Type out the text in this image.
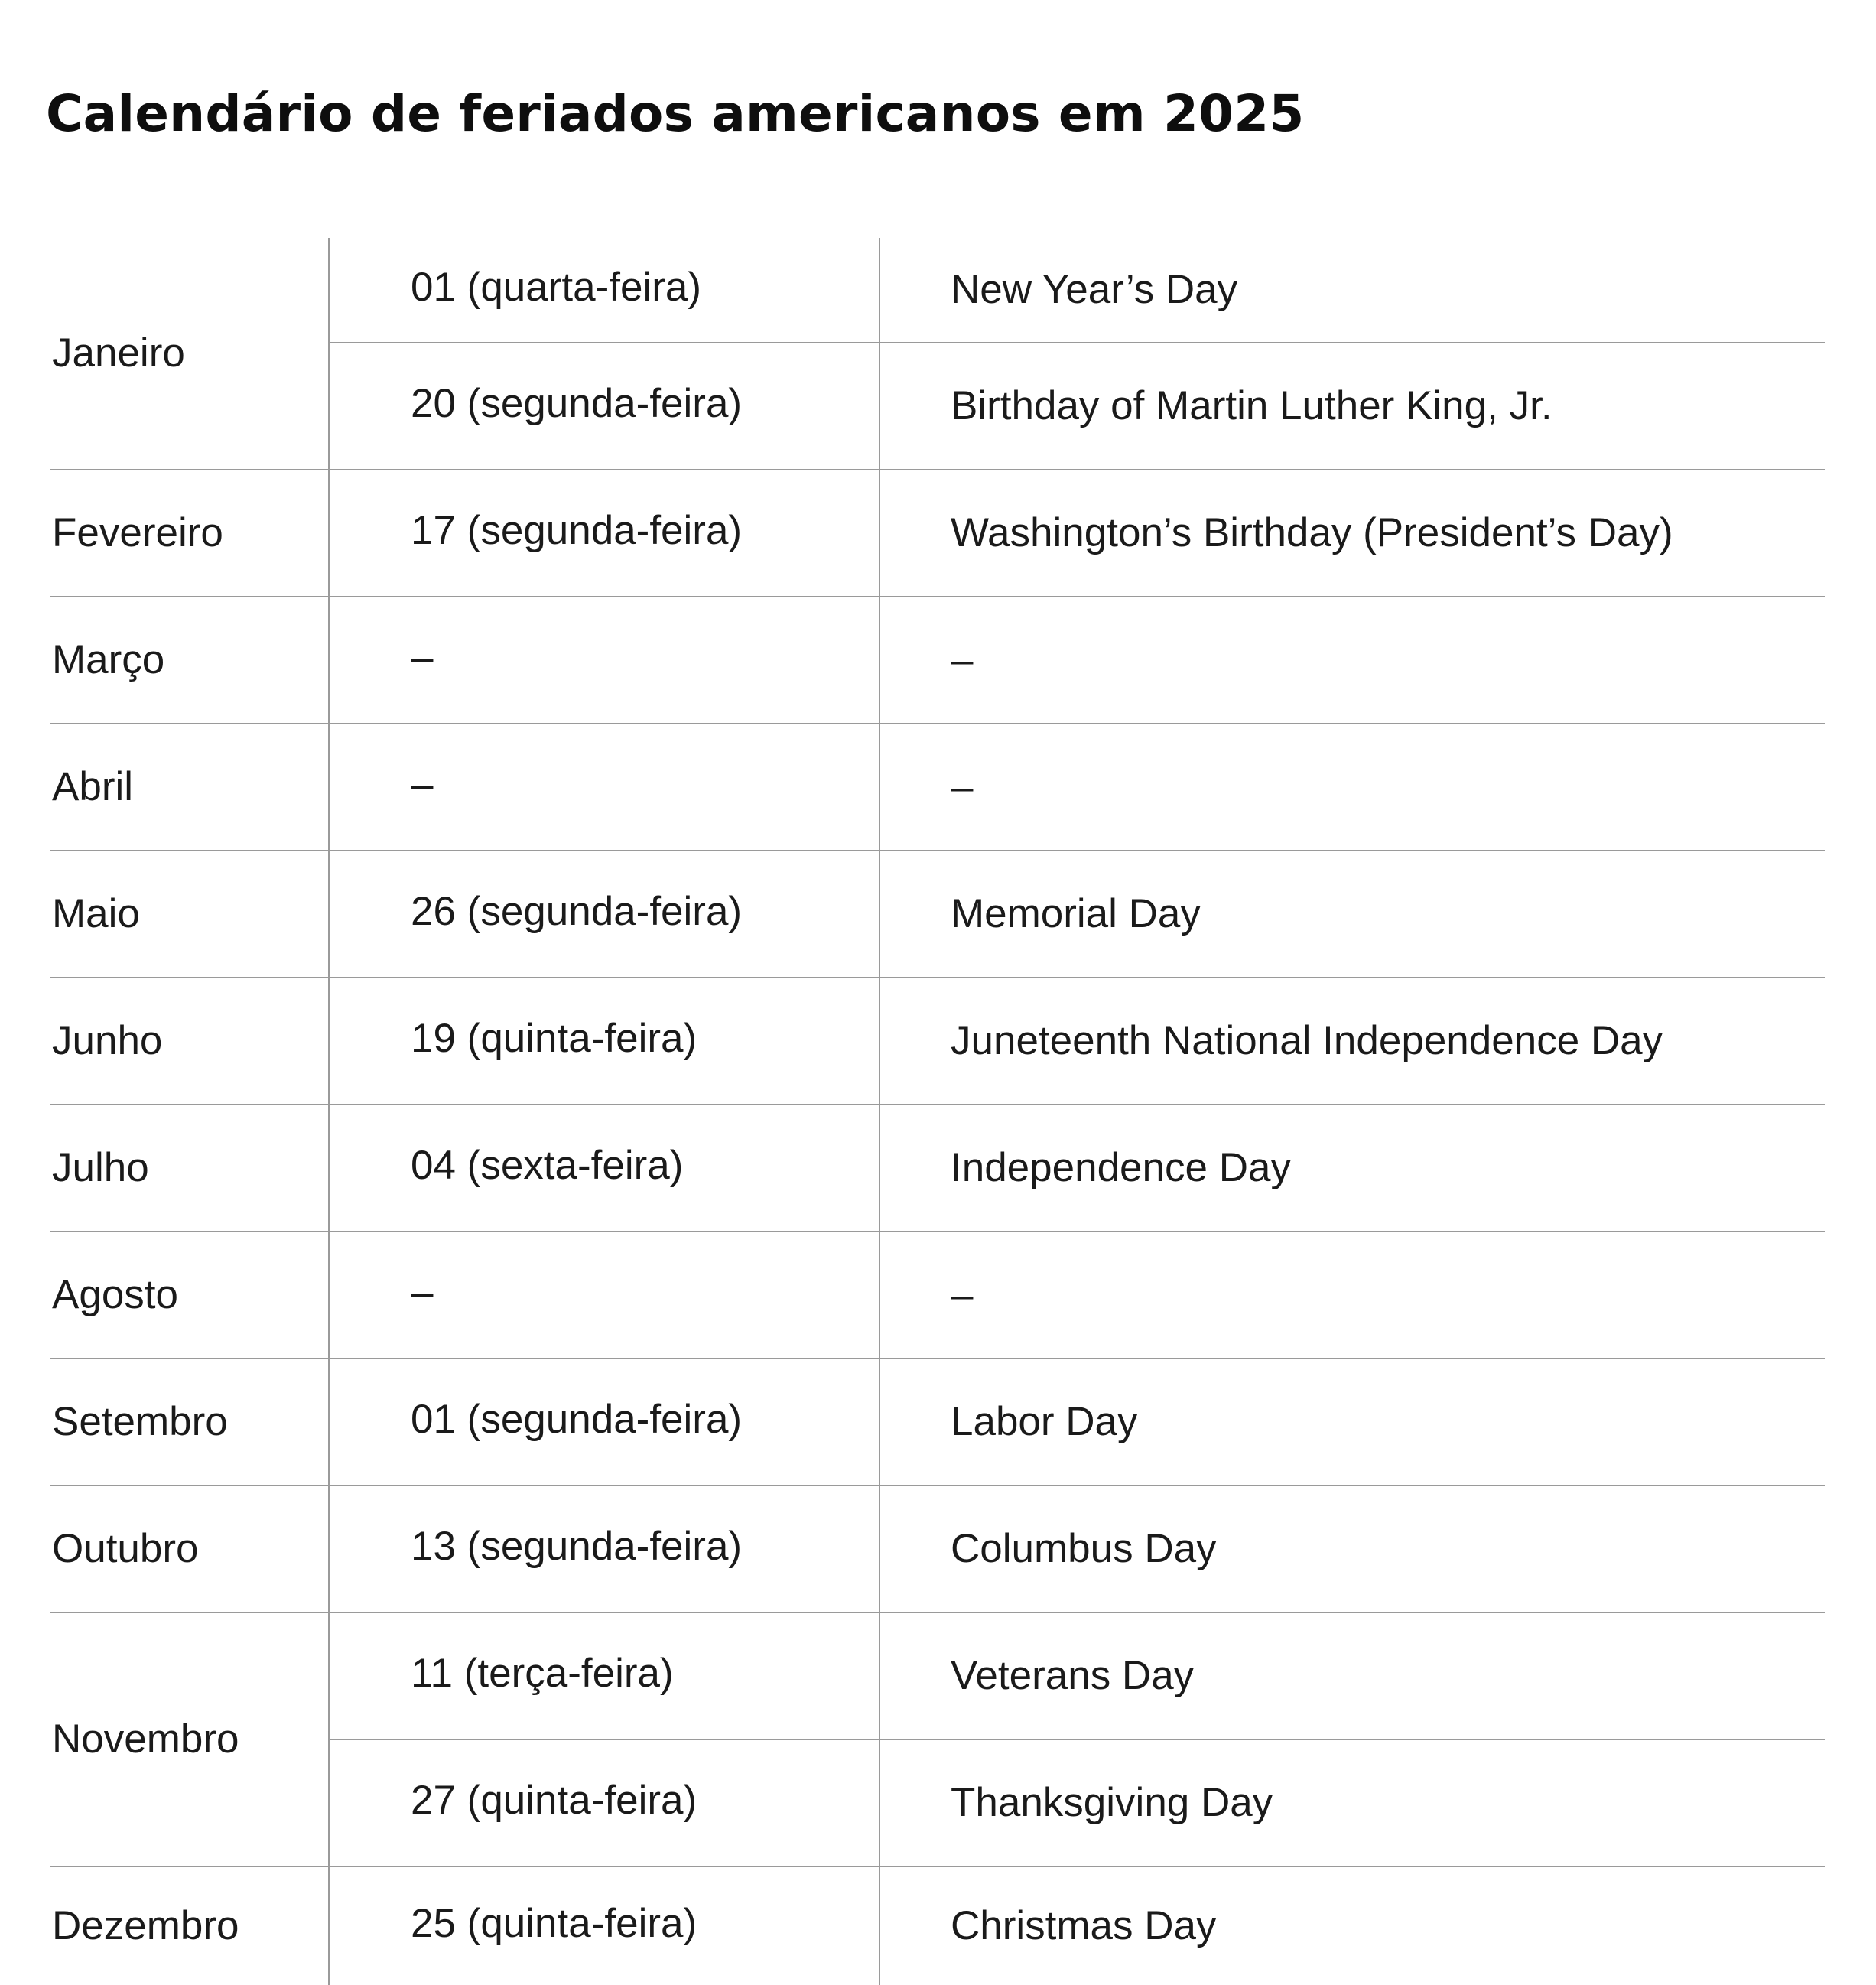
Calendário de feriados americanos em 2025
Janeiro	01 (quarta-feira)	New Year’s Day
	20 (segunda-feira)	Birthday of Martin Luther King, Jr.
Fevereiro	17 (segunda-feira)	Washington’s Birthday (President’s Day)
Março	–	–
Abril	–	–
Maio	26 (segunda-feira)	Memorial Day
Junho	19 (quinta-feira)	Juneteenth National Independence Day
Julho	04 (sexta-feira)	Independence Day
Agosto	–	–
Setembro	01 (segunda-feira)	Labor Day
Outubro	13 (segunda-feira)	Columbus Day
Novembro	11 (terça-feira)	Veterans Day
	27 (quinta-feira)	Thanksgiving Day
Dezembro	25 (quinta-feira)	Christmas Day
